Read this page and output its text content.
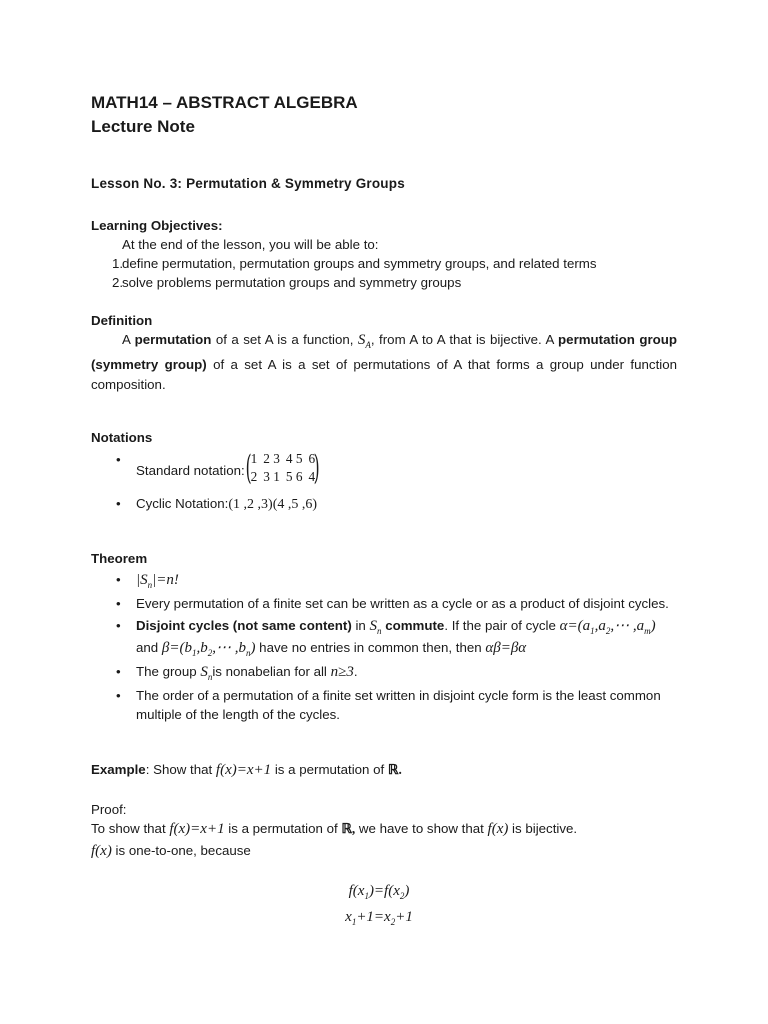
MATH14 – ABSTRACT ALGEBRA

Lecture Note

Lesson No. 3: Permutation & Symmetry Groups

Learning Objectives:

At the end of the lesson, you will be able to:

1.
define permutation, permutation groups and symmetry groups, and related terms
2.
solve problems permutation groups and symmetry groups

Definition

A permutation of a set A is a function, $S_A$, from A to A that is bijective. A permutation group (symmetry group) of a set A is a set of permutations of A that forms a group under function composition.

Notations

• Standard notation: (
1	2 3	4 5	6
2	3 1	5 6	4
)
• Cyclic Notation:(1 ,2 ,3)(4 ,5 ,6)

Theorem

• $|S_n|=n$!
• Every permutation of a finite set can be written as a cycle or as a product of disjoint cycles.
• Disjoint cycles (not same content) in $S_n$ commute. If the pair of cycle $\alpha=(a_1,a_2,\cdots$ $,a_m$)
and $\beta=(b_1,b_2,\cdots$ $,b_n$) have no entries in common then, then αβ=βα
• The group $S_nis$ nonabelian for all n≥3.
• The order of a permutation of a finite set written in disjoint cycle form is the least common multiple of the length of the cycles.

Example: Show that f(x)=x+1 is a permutation of ℝ.

Proof:

To show that f(x)=x+1 is a permutation of ℝ, we have to show that f(x) is bijective.

f(x) is one-to-one, because

$f(x_1)=f(x_2)$
$x_1+1=x_2+1$
